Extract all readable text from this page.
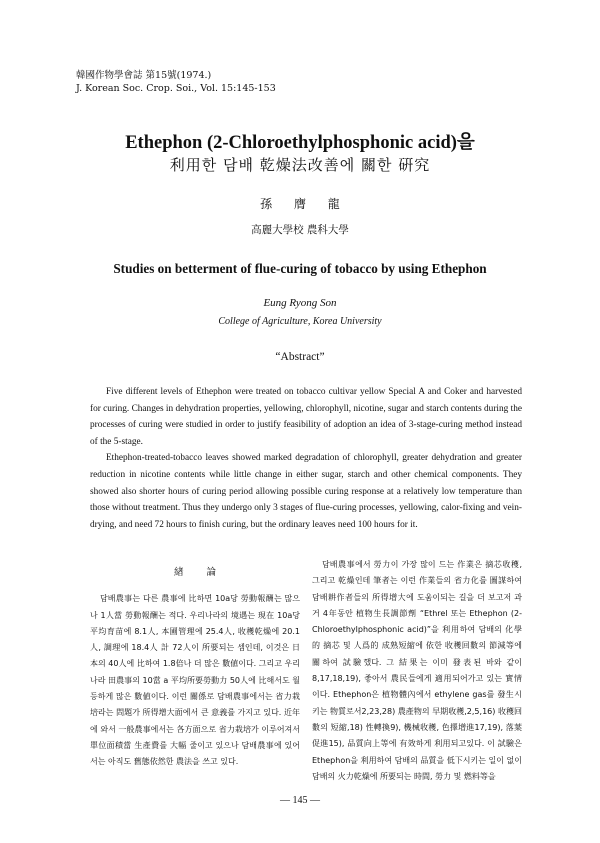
韓國作物學會誌 第15號(1974.)
J. Korean Soc. Crop. Soi., Vol. 15:145-153
Ethephon (2-Chloroethylphosphonic acid)을
利用한 담배 乾燥法改善에 關한 硏究
孫 膺 龍
高麗大學校 農科大學
Studies on betterment of flue-curing of tobacco by using Ethephon
Eung Ryong Son
College of Agriculture, Korea University
“Abstract”

Five different levels of Ethephon were treated on tobacco cultivar yellow Special A and Coker and harvested for curing. Changes in dehydration properties, yellowing, chlorophyll, nicotine, sugar and starch contents during the processes of curing were studied in order to justify feasibility of adoption an idea of 3-stage-curing method instead of the 5-stage.

Ethephon-treated-tobacco leaves showed marked degradation of chlorophyll, greater dehydration and greater reduction in nicotine contents while little change in either sugar, starch and other chemical components. They showed also shorter hours of curing period allowing possible curing response at a relatively low temperature than those without treatment. Thus they undergo only 3 stages of flue-curing processes, yellowing, calor-fixing and vein-drying, and need 72 hours to finish curing, but the ordinary leaves need 100 hours for it.

緖 論

담배農事는 다른 農事에 比하면 10a당 勞動報酬는 많으나 1人當 勞動報酬는 적다. 우리나라의 境遇는 現在 10a당 平均育苗에 8.1人, 本圃管理에 25.4人, 收穫乾燥에 20.1人, 調理에 18.4人 計 72人이 所要되는 셈인데, 이것은 日本의 40人에 比하여 1.8倍나 더 많은 數値이다. 그리고 우리나라 田農事의 10當 a 平均所要勞動力 50人에 比해서도 월등하게 많은 數値이다. 이런 關係로 담배農事에서는 省力栽培라는 問題가 所得增大面에서 큰 意義를 가지고 있다. 近年에 와서 一般農事에서는 各方面으로 省力栽培가 이루어져서 單位面積當 生產費를 大幅 줄이고 있으나 담배農事에 있어서는 아직도 舊態依然한 農法을 쓰고 있다.

담배農事에서 勞力이 가장 많이 드는 作業은 摘芯收穫, 그리고 乾燥인데 筆者는 이런 作業들의 省力化를 圖謀하여 담배耕作者들의 所得增大에 도움이되는 길을 더 보고저 과거 4年동안 植物生長調節劑 “Ethrel 또는 Ethephon (2-Chloroethylphosphonic acid)”을 利用하여 담배의 化學的 摘芯 및 人爲的 成熟短縮에 依한 收穫回數의 節減等에 關하여 試驗했다. 그 結果는 이미 發表된 바와 같이8,17,18,19), 좋아서 農民들에게 適用되어가고 있는 實情이다. Ethephon은 植物體內에서 ethylene gas를 發生시키는 物質로서2,23,28) 農產物의 早期收穫,2,5,16) 收穫回數의 短縮,18) 性轉換9), 機械收穫, 色擇增進17,19), 落葉促進15), 品質向上等에 有效하게 利用되고있다. 이 試驗은Ethephon을 利用하여 담배의 品質을 低下시키는 일이 없이 담배의 火力乾燥에 所要되는 時間, 勞力 및 燃料等을

— 145 —
